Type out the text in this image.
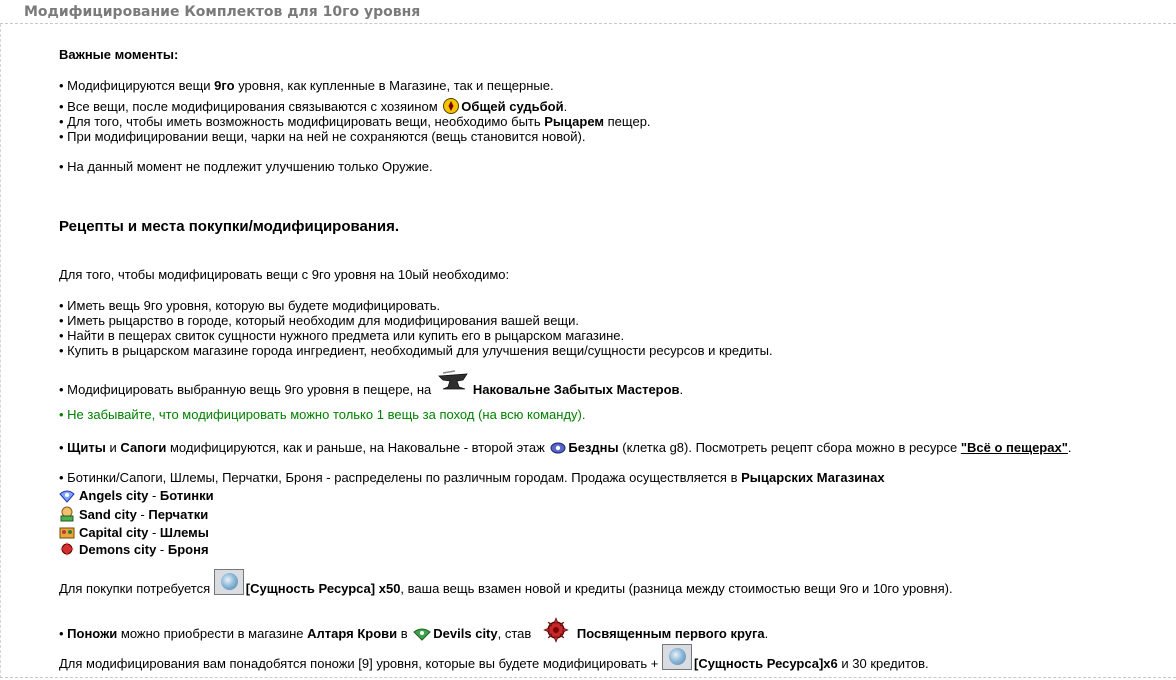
Модифицирование Комплектов для 10го уровня
Важные моменты:
• Модифицируются вещи 9го уровня, как купленные в Магазине, так и пещерные.
• Все вещи, после модифицирования связываются с хозяином Общей судьбой.
• Для того, чтобы иметь возможность модифицировать вещи, необходимо быть Рыцарем пещер.
• При модифицировании вещи, чарки на ней не сохраняются (вещь становится новой).
• На данный момент не подлежит улучшению только Оружие.
Рецепты и места покупки/модифицирования.
Для того, чтобы модифицировать вещи с 9го уровня на 10ый необходимо:
• Иметь вещь 9го уровня, которую вы будете модифицировать.
• Иметь рыцарство в городе, который необходим для модифицирования вашей вещи.
• Найти в пещерах свиток сущности нужного предмета или купить его в рыцарском магазине.
• Купить в рыцарском магазине города ингредиент, необходимый для улучшения вещи/сущности ресурсов и кредиты.
• Модифицировать выбранную вещь 9го уровня в пещере, на	Наковальне Забытых Мастеров.
• Не забывайте, что модифицировать можно только 1 вещь за поход (на всю команду).
• Щиты и Сапоги модифицируются, как и раньше, на Наковальне - второй этаж Бездны (клетка g8). Посмотреть рецепт сбора можно в ресурсе "Всё о пещерах".
• Ботинки/Сапоги, Шлемы, Перчатки, Броня - распределены по различным городам. Продажа осуществляется в Рыцарских Магазинах
Angels city - Ботинки
Sand city - Перчатки
Capital city - Шлемы
Demons city - Броня
Для покупки потребуется	[Сущность Ресурса] x50, ваша вещь взамен новой и кредиты (разница между стоимостью вещи 9го и 10го уровня).
• Поножи можно приобрести в магазине Алтаря Крови в Devils city, став	Посвященным первого круга.
Для модифицирования вам понадобятся поножи [9] уровня, которые вы будете модифицировать +	[Сущность Ресурса]x6 и 30 кредитов.
